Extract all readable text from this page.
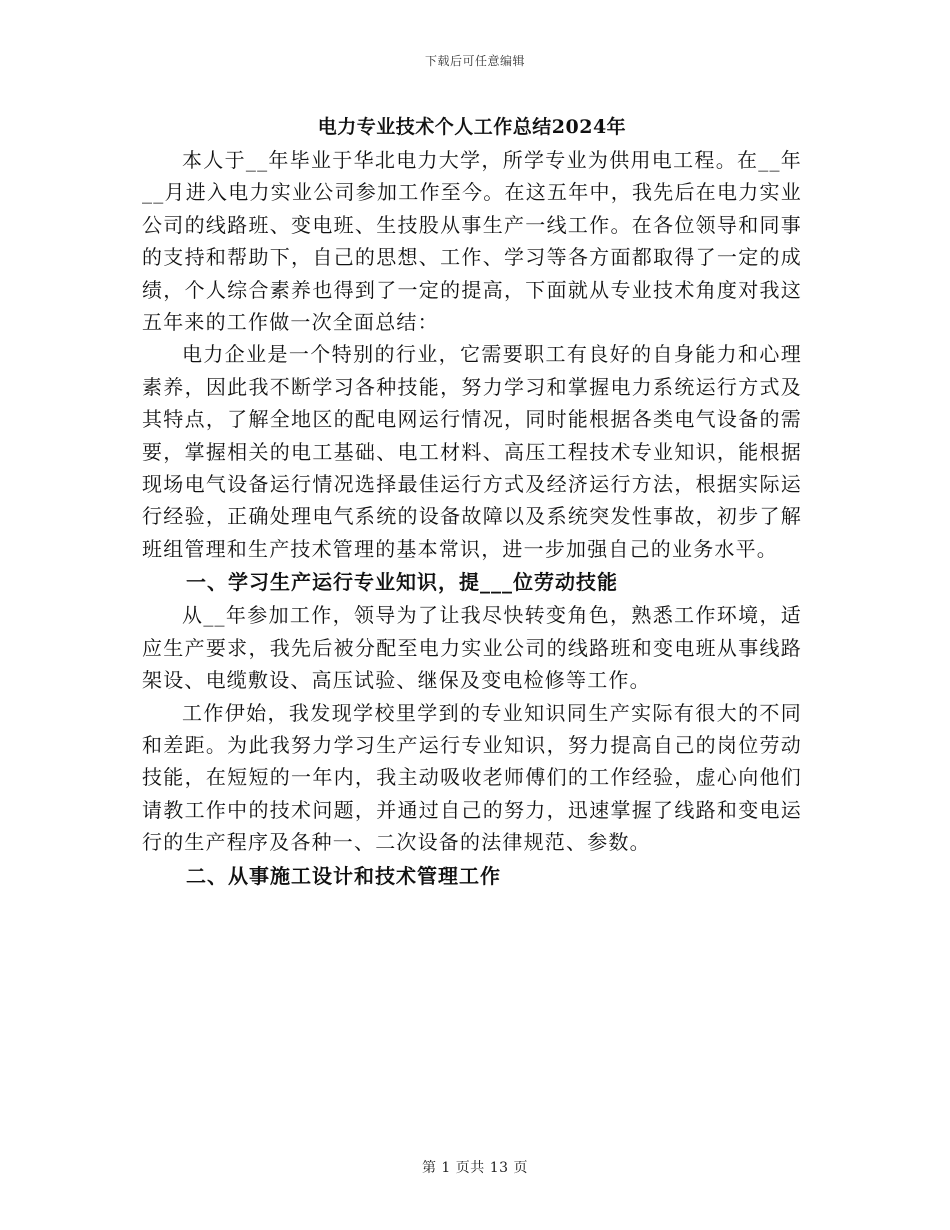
下载后可任意编辑
电力专业技术个人工作总结2024年

本人于__年毕业于华北电力大学，所学专业为供用电工程。在__年__月进入电力实业公司参加工作至今。在这五年中，我先后在电力实业公司的线路班、变电班、生技股从事生产一线工作。在各位领导和同事的支持和帮助下，自己的思想、工作、学习等各方面都取得了一定的成绩，个人综合素养也得到了一定的提高，下面就从专业技术角度对我这五年来的工作做一次全面总结：

电力企业是一个特别的行业，它需要职工有良好的自身能力和心理素养，因此我不断学习各种技能，努力学习和掌握电力系统运行方式及其特点，了解全地区的配电网运行情况，同时能根据各类电气设备的需要，掌握相关的电工基础、电工材料、高压工程技术专业知识，能根据现场电气设备运行情况选择最佳运行方式及经济运行方法，根据实际运行经验，正确处理电气系统的设备故障以及系统突发性事故，初步了解班组管理和生产技术管理的基本常识，进一步加强自己的业务水平。

一、学习生产运行专业知识，提___位劳动技能

从__年参加工作，领导为了让我尽快转变角色，熟悉工作环境，适应生产要求，我先后被分配至电力实业公司的线路班和变电班从事线路架设、电缆敷设、高压试验、继保及变电检修等工作。

工作伊始，我发现学校里学到的专业知识同生产实际有很大的不同和差距。为此我努力学习生产运行专业知识，努力提高自己的岗位劳动技能，在短短的一年内，我主动吸收老师傅们的工作经验，虚心向他们请教工作中的技术问题，并通过自己的努力，迅速掌握了线路和变电运行的生产程序及各种一、二次设备的法律规范、参数。

二、从事施工设计和技术管理工作
第 1 页共 13 页
